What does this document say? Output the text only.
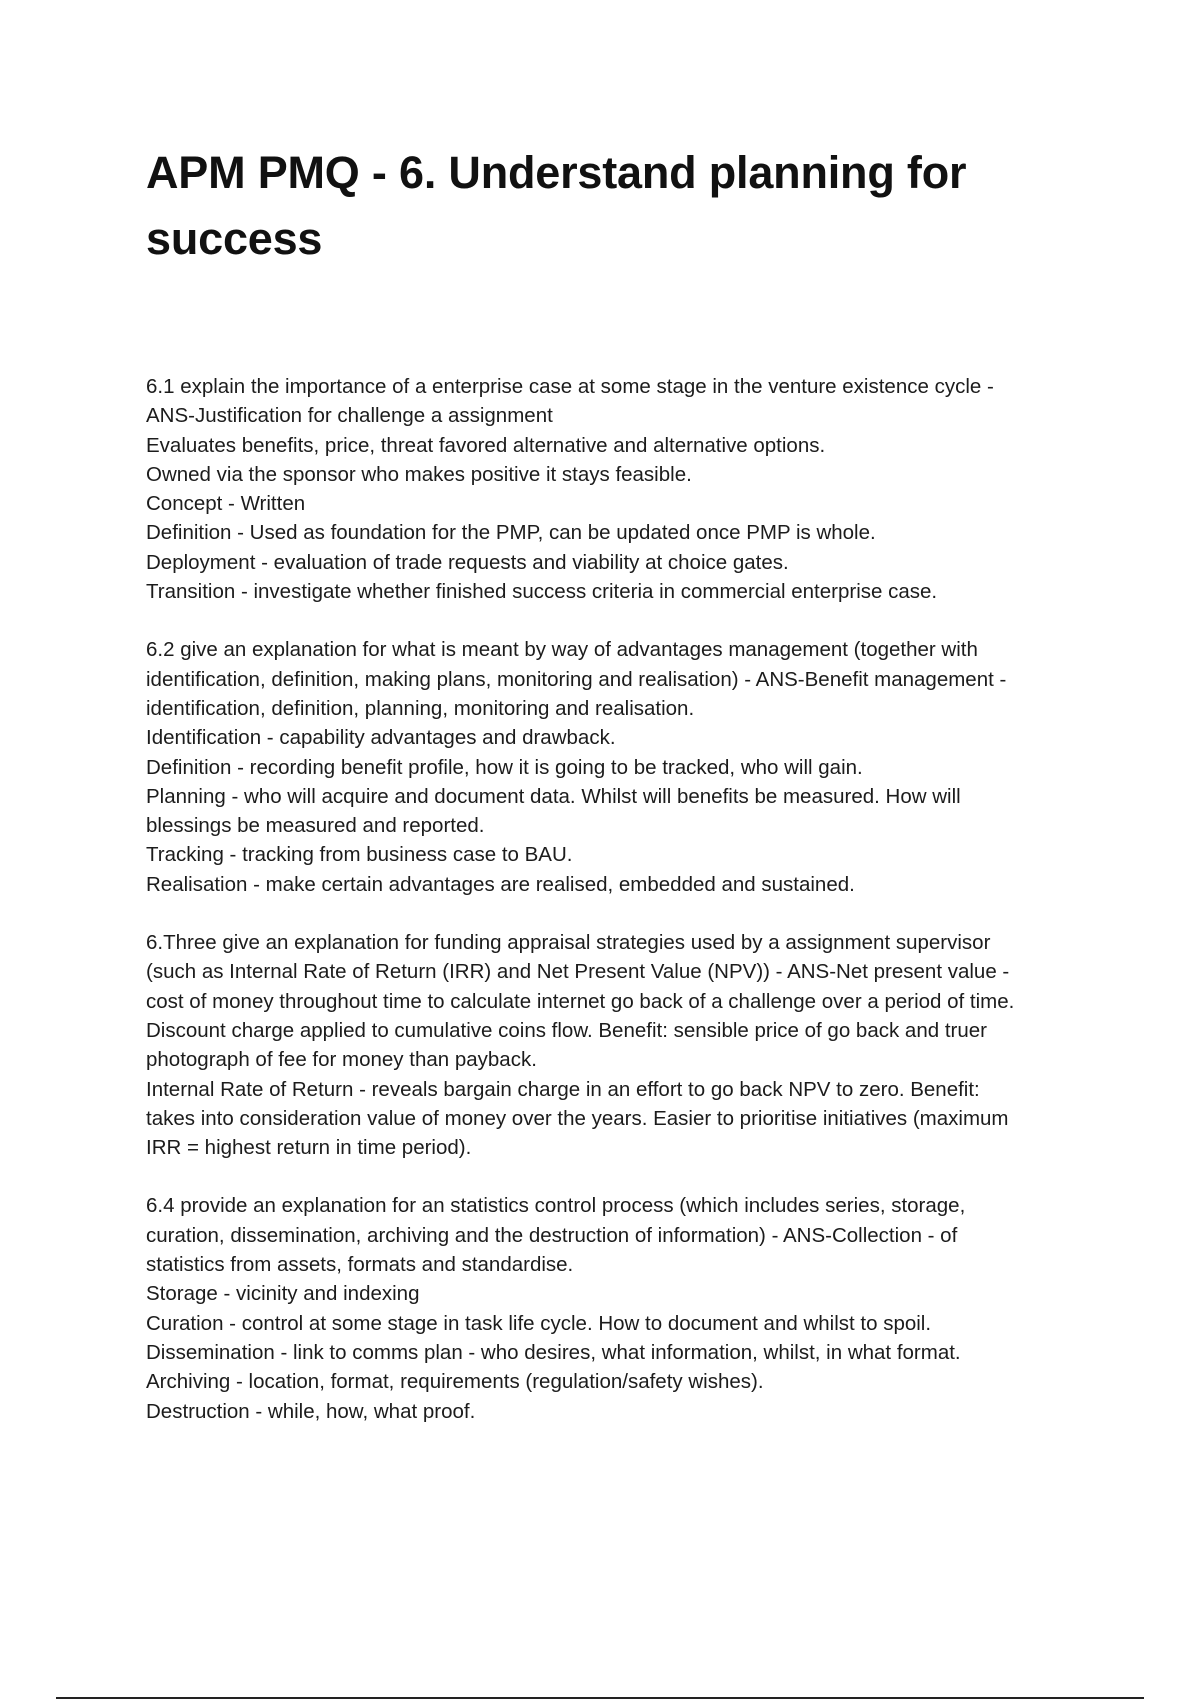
APM PMQ - 6. Understand planning for
success
6.1 explain the importance of a enterprise case at some stage in the venture existence cycle -
ANS-Justification for challenge a assignment
Evaluates benefits, price, threat favored alternative and alternative options.
Owned via the sponsor who makes positive it stays feasible.
Concept - Written
Definition - Used as foundation for the PMP, can be updated once PMP is whole.
Deployment - evaluation of trade requests and viability at choice gates.
Transition - investigate whether finished success criteria in commercial enterprise case.
6.2 give an explanation for what is meant by way of advantages management (together with
identification, definition, making plans, monitoring and realisation) - ANS-Benefit management -
identification, definition, planning, monitoring and realisation.
Identification - capability advantages and drawback.
Definition - recording benefit profile, how it is going to be tracked, who will gain.
Planning - who will acquire and document data. Whilst will benefits be measured. How will
blessings be measured and reported.
Tracking - tracking from business case to BAU.
Realisation - make certain advantages are realised, embedded and sustained.
6.Three give an explanation for funding appraisal strategies used by a assignment supervisor
(such as Internal Rate of Return (IRR) and Net Present Value (NPV)) - ANS-Net present value -
cost of money throughout time to calculate internet go back of a challenge over a period of time.
Discount charge applied to cumulative coins flow. Benefit: sensible price of go back and truer
photograph of fee for money than payback.
Internal Rate of Return - reveals bargain charge in an effort to go back NPV to zero. Benefit:
takes into consideration value of money over the years. Easier to prioritise initiatives (maximum
IRR = highest return in time period).
6.4 provide an explanation for an statistics control process (which includes series, storage,
curation, dissemination, archiving and the destruction of information) - ANS-Collection - of
statistics from assets, formats and standardise.
Storage - vicinity and indexing
Curation - control at some stage in task life cycle. How to document and whilst to spoil.
Dissemination - link to comms plan - who desires, what information, whilst, in what format.
Archiving - location, format, requirements (regulation/safety wishes).
Destruction - while, how, what proof.
